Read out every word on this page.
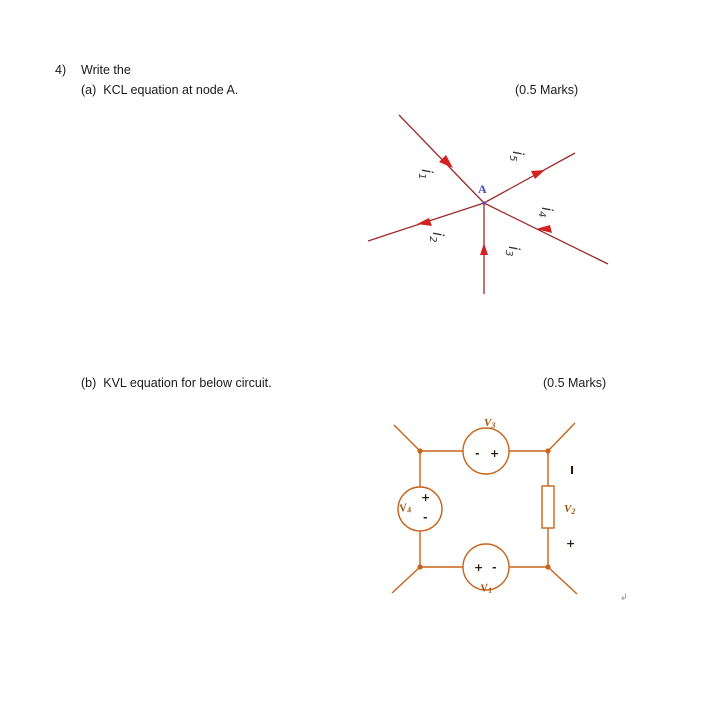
4) Write the
(a) KCL equation at node A.	(0.5 Marks)
(b) KVL equation for below circuit.	(0.5 Marks)
A
$i_1$
$i_5$
$i_4$
$i_2$
$i_3$
V3
- +
V4
+
-
V1
+ -
I
V2
+
↲
